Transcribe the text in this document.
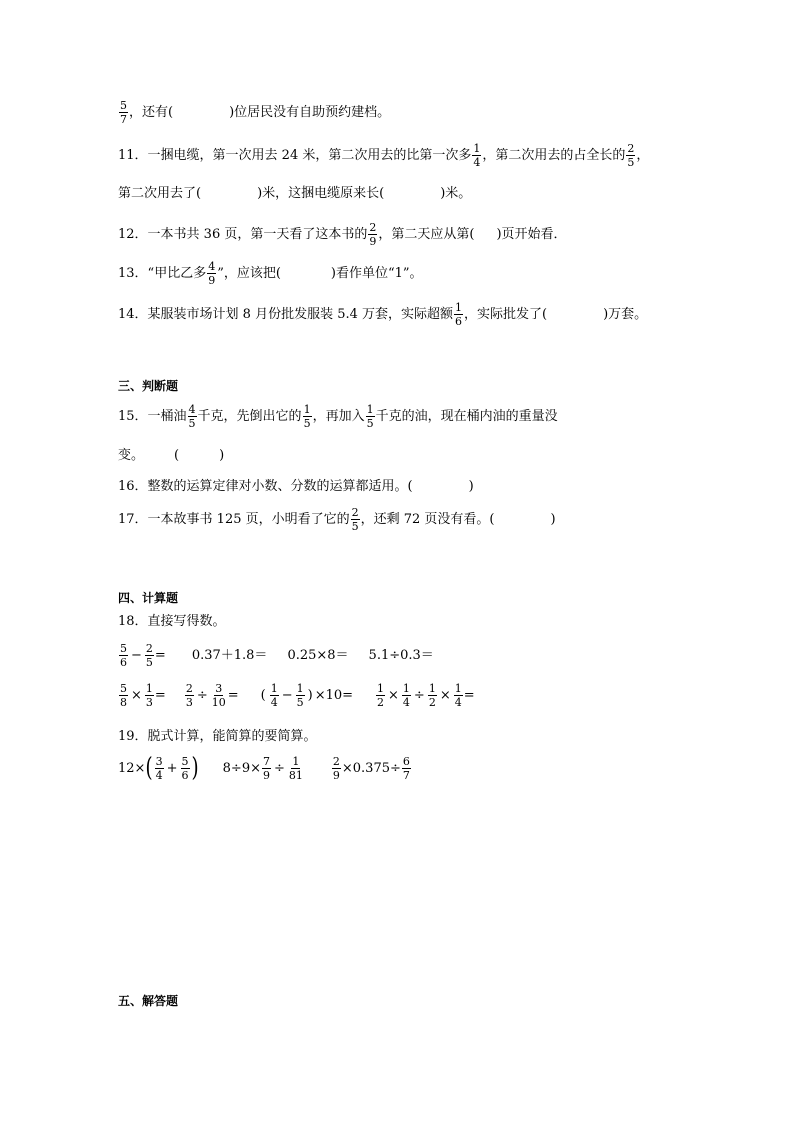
$\frac{5}{7}$ ，还有(	)位居民没有自助预约建档。
11．一捆电缆，第一次用去 24 米，第二次用去的比第一次多 $\frac{1}{4}$ ，第二次用去的占全长的 $\frac{2}{5}$ ，
第二次用去了(	)米，这捆电缆原来长(	)米。
12．一本书共 36 页，第一天看了这本书的 $\frac{2}{9}$ ，第二天应从第( )页开始看．
13．“甲比乙多 $\frac{4}{9}$ ”，应该把(	)看作单位“1”。
14．某服装市场计划 8 月份批发服装 5.4 万套，实际超额 $\frac{1}{6}$ ，实际批发了(	)万套。
三、判断题
15．一桶油 $\frac{4}{5}$ 千克，先倒出它的 $\frac{1}{5}$ ，再加入 $\frac{1}{5}$ 千克的油，现在桶内油的重量没
变。 (	)
16．整数的运算定律对小数、分数的运算都适用。(	)
17．一本故事书 125 页，小明看了它的 $\frac{2}{5}$ ，还剩 72 页没有看。(	)
四、计算题
18．直接写得数。
$\frac{5}{6} - \frac{2}{5} = 0.37+1.8= 0.25\times 8= 5.1\div 0.3=$
$\frac{5}{8} \times \frac{1}{3} = \frac{2}{3} \div \frac{3}{10}$ = ( $\frac{1}{4} - \frac{1}{5}$ ) $\times 10= \frac{1}{2} \times \frac{1}{4} \div \frac{1}{2} \times \frac{1}{4}$ =
19．脱式计算，能简算的要简算。
12× ( $\frac{3}{4} + \frac{5}{6}$ ) $8\div 9\times \frac{7}{9} \div \frac{1}{81}$	$\frac{2}{9} \times 0.375\div \frac{6}{7}$
五、解答题
